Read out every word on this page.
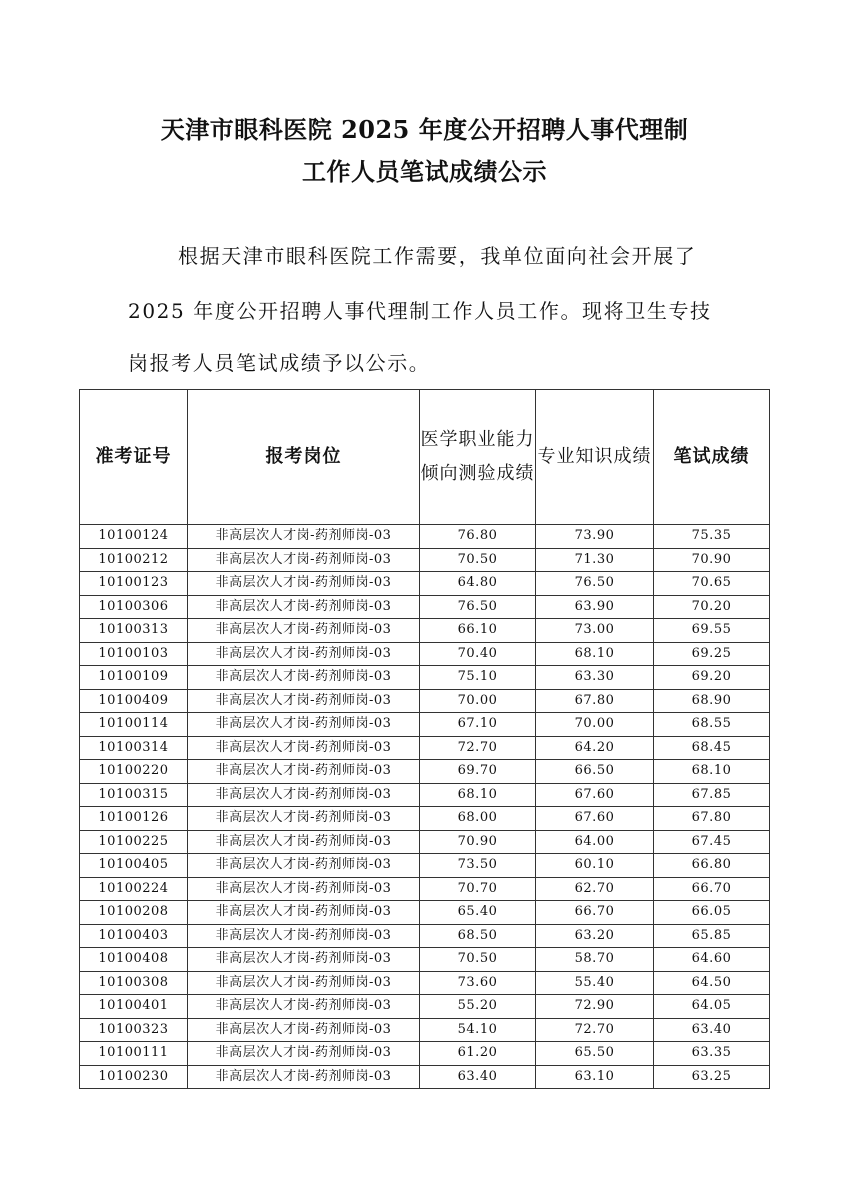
天津市眼科医院 2025 年度公开招聘人事代理制
工作人员笔试成绩公示
根据天津市眼科医院工作需要，我单位面向社会开展了
2025 年度公开招聘人事代理制工作人员工作。现将卫生专技
岗报考人员笔试成绩予以公示。
准考证号	报考岗位	医学职业能力倾向测验成绩	专业知识成绩	笔试成绩
10100124	非高层次人才岗-药剂师岗-03	76.80	73.90	75.35
10100212	非高层次人才岗-药剂师岗-03	70.50	71.30	70.90
10100123	非高层次人才岗-药剂师岗-03	64.80	76.50	70.65
10100306	非高层次人才岗-药剂师岗-03	76.50	63.90	70.20
10100313	非高层次人才岗-药剂师岗-03	66.10	73.00	69.55
10100103	非高层次人才岗-药剂师岗-03	70.40	68.10	69.25
10100109	非高层次人才岗-药剂师岗-03	75.10	63.30	69.20
10100409	非高层次人才岗-药剂师岗-03	70.00	67.80	68.90
10100114	非高层次人才岗-药剂师岗-03	67.10	70.00	68.55
10100314	非高层次人才岗-药剂师岗-03	72.70	64.20	68.45
10100220	非高层次人才岗-药剂师岗-03	69.70	66.50	68.10
10100315	非高层次人才岗-药剂师岗-03	68.10	67.60	67.85
10100126	非高层次人才岗-药剂师岗-03	68.00	67.60	67.80
10100225	非高层次人才岗-药剂师岗-03	70.90	64.00	67.45
10100405	非高层次人才岗-药剂师岗-03	73.50	60.10	66.80
10100224	非高层次人才岗-药剂师岗-03	70.70	62.70	66.70
10100208	非高层次人才岗-药剂师岗-03	65.40	66.70	66.05
10100403	非高层次人才岗-药剂师岗-03	68.50	63.20	65.85
10100408	非高层次人才岗-药剂师岗-03	70.50	58.70	64.60
10100308	非高层次人才岗-药剂师岗-03	73.60	55.40	64.50
10100401	非高层次人才岗-药剂师岗-03	55.20	72.90	64.05
10100323	非高层次人才岗-药剂师岗-03	54.10	72.70	63.40
10100111	非高层次人才岗-药剂师岗-03	61.20	65.50	63.35
10100230	非高层次人才岗-药剂师岗-03	63.40	63.10	63.25
